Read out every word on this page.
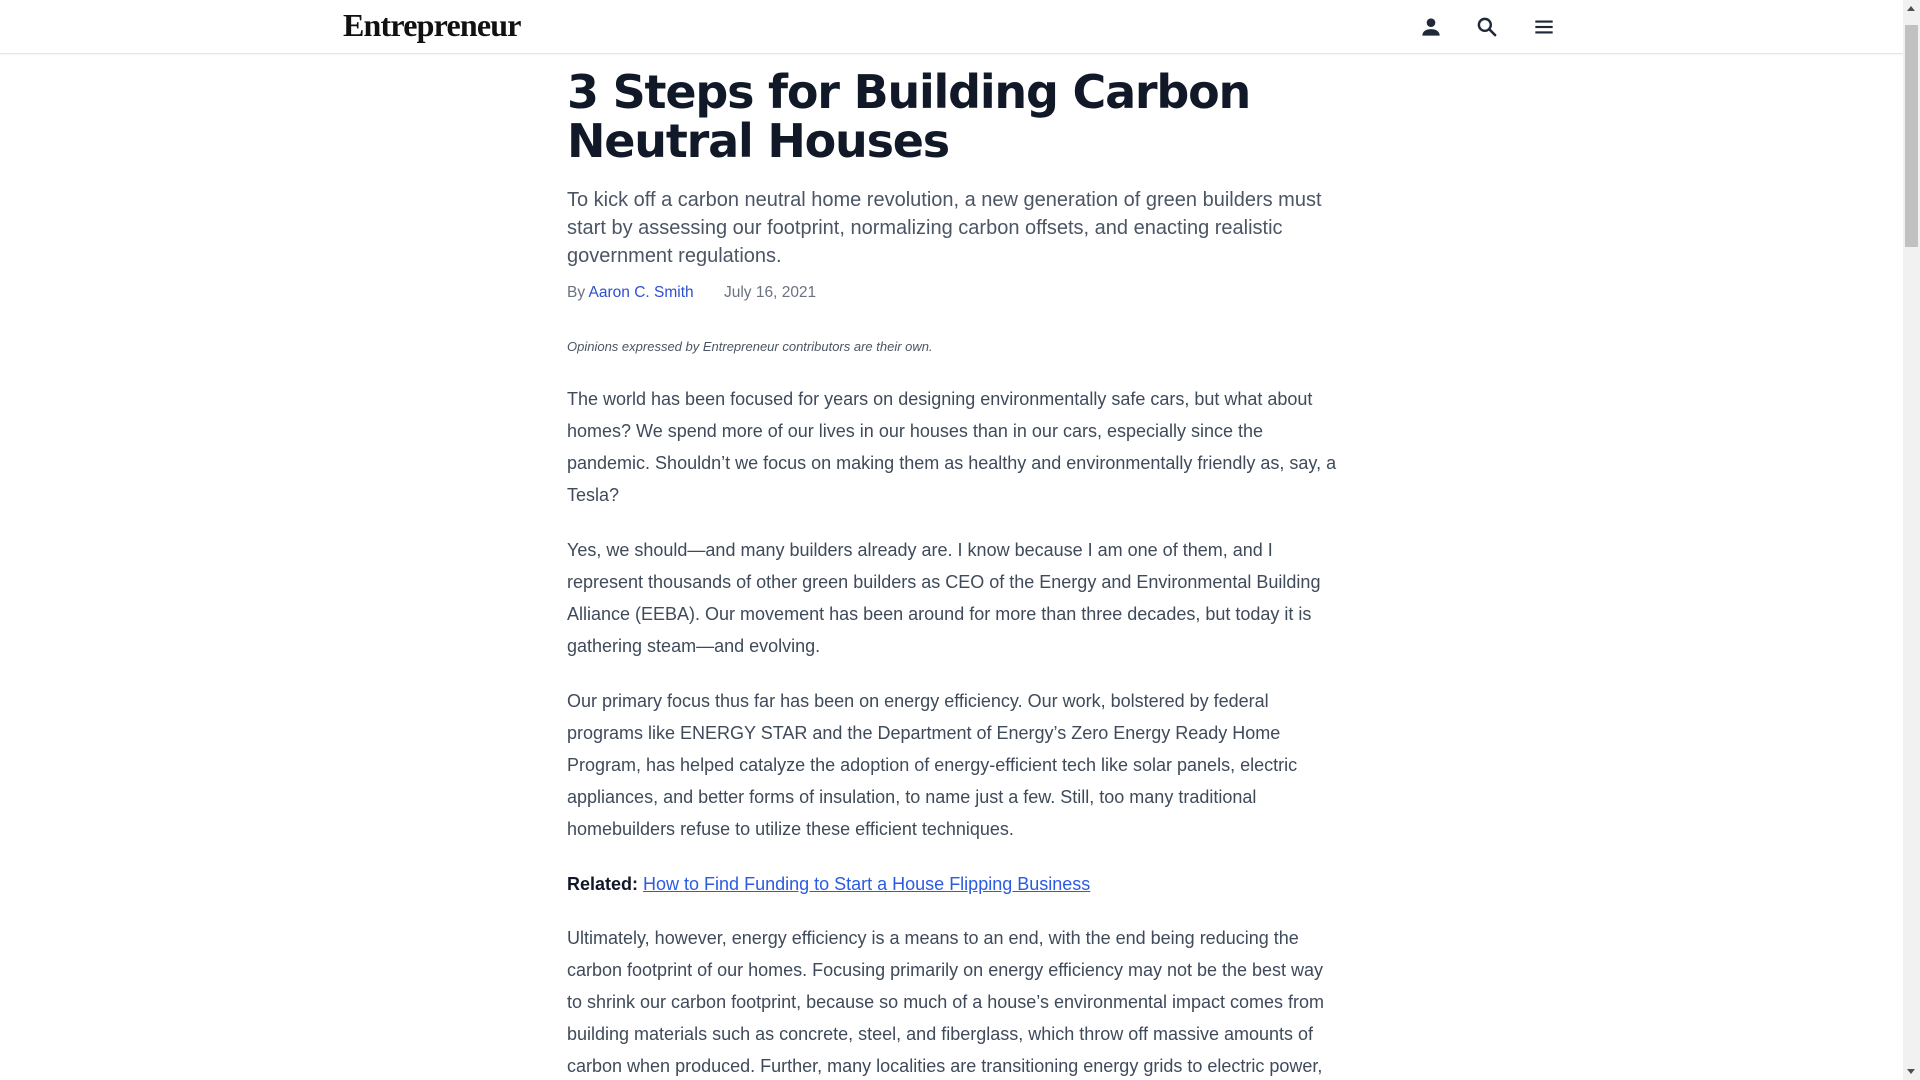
Entrepreneur
3 Steps for Building Carbon Neutral Houses

To kick off a carbon neutral home revolution, a new generation of green builders must start by assessing our footprint, normalizing carbon offsets, and enacting realistic government regulations.

By Aaron C. Smith July 16, 2021
Opinions expressed by Entrepreneur contributors are their own.

The world has been focused for years on designing environmentally safe cars, but what about homes? We spend more of our lives in our houses than in our cars, especially since the pandemic. Shouldn’t we focus on making them as healthy and environmentally friendly as, say, a Tesla?

Yes, we should—and many builders already are. I know because I am one of them, and I represent thousands of other green builders as CEO of the Energy and Environmental Building Alliance (EEBA). Our movement has been around for more than three decades, but today it is gathering steam—and evolving.

Our primary focus thus far has been on energy efficiency. Our work, bolstered by federal programs like ENERGY STAR and the Department of Energy’s Zero Energy Ready Home Program, has helped catalyze the adoption of energy-efficient tech like solar panels, electric appliances, and better forms of insulation, to name just a few. Still, too many traditional homebuilders refuse to utilize these efficient techniques.

Related: How to Find Funding to Start a House Flipping Business

Ultimately, however, energy efficiency is a means to an end, with the end being reducing the carbon footprint of our homes. Focusing primarily on energy efficiency may not be the best way to shrink our carbon footprint, because so much of a house’s environmental impact comes from building materials such as concrete, steel, and fiberglass, which throw off massive amounts of carbon when produced. Further, many localities are transitioning energy grids to electric power,
